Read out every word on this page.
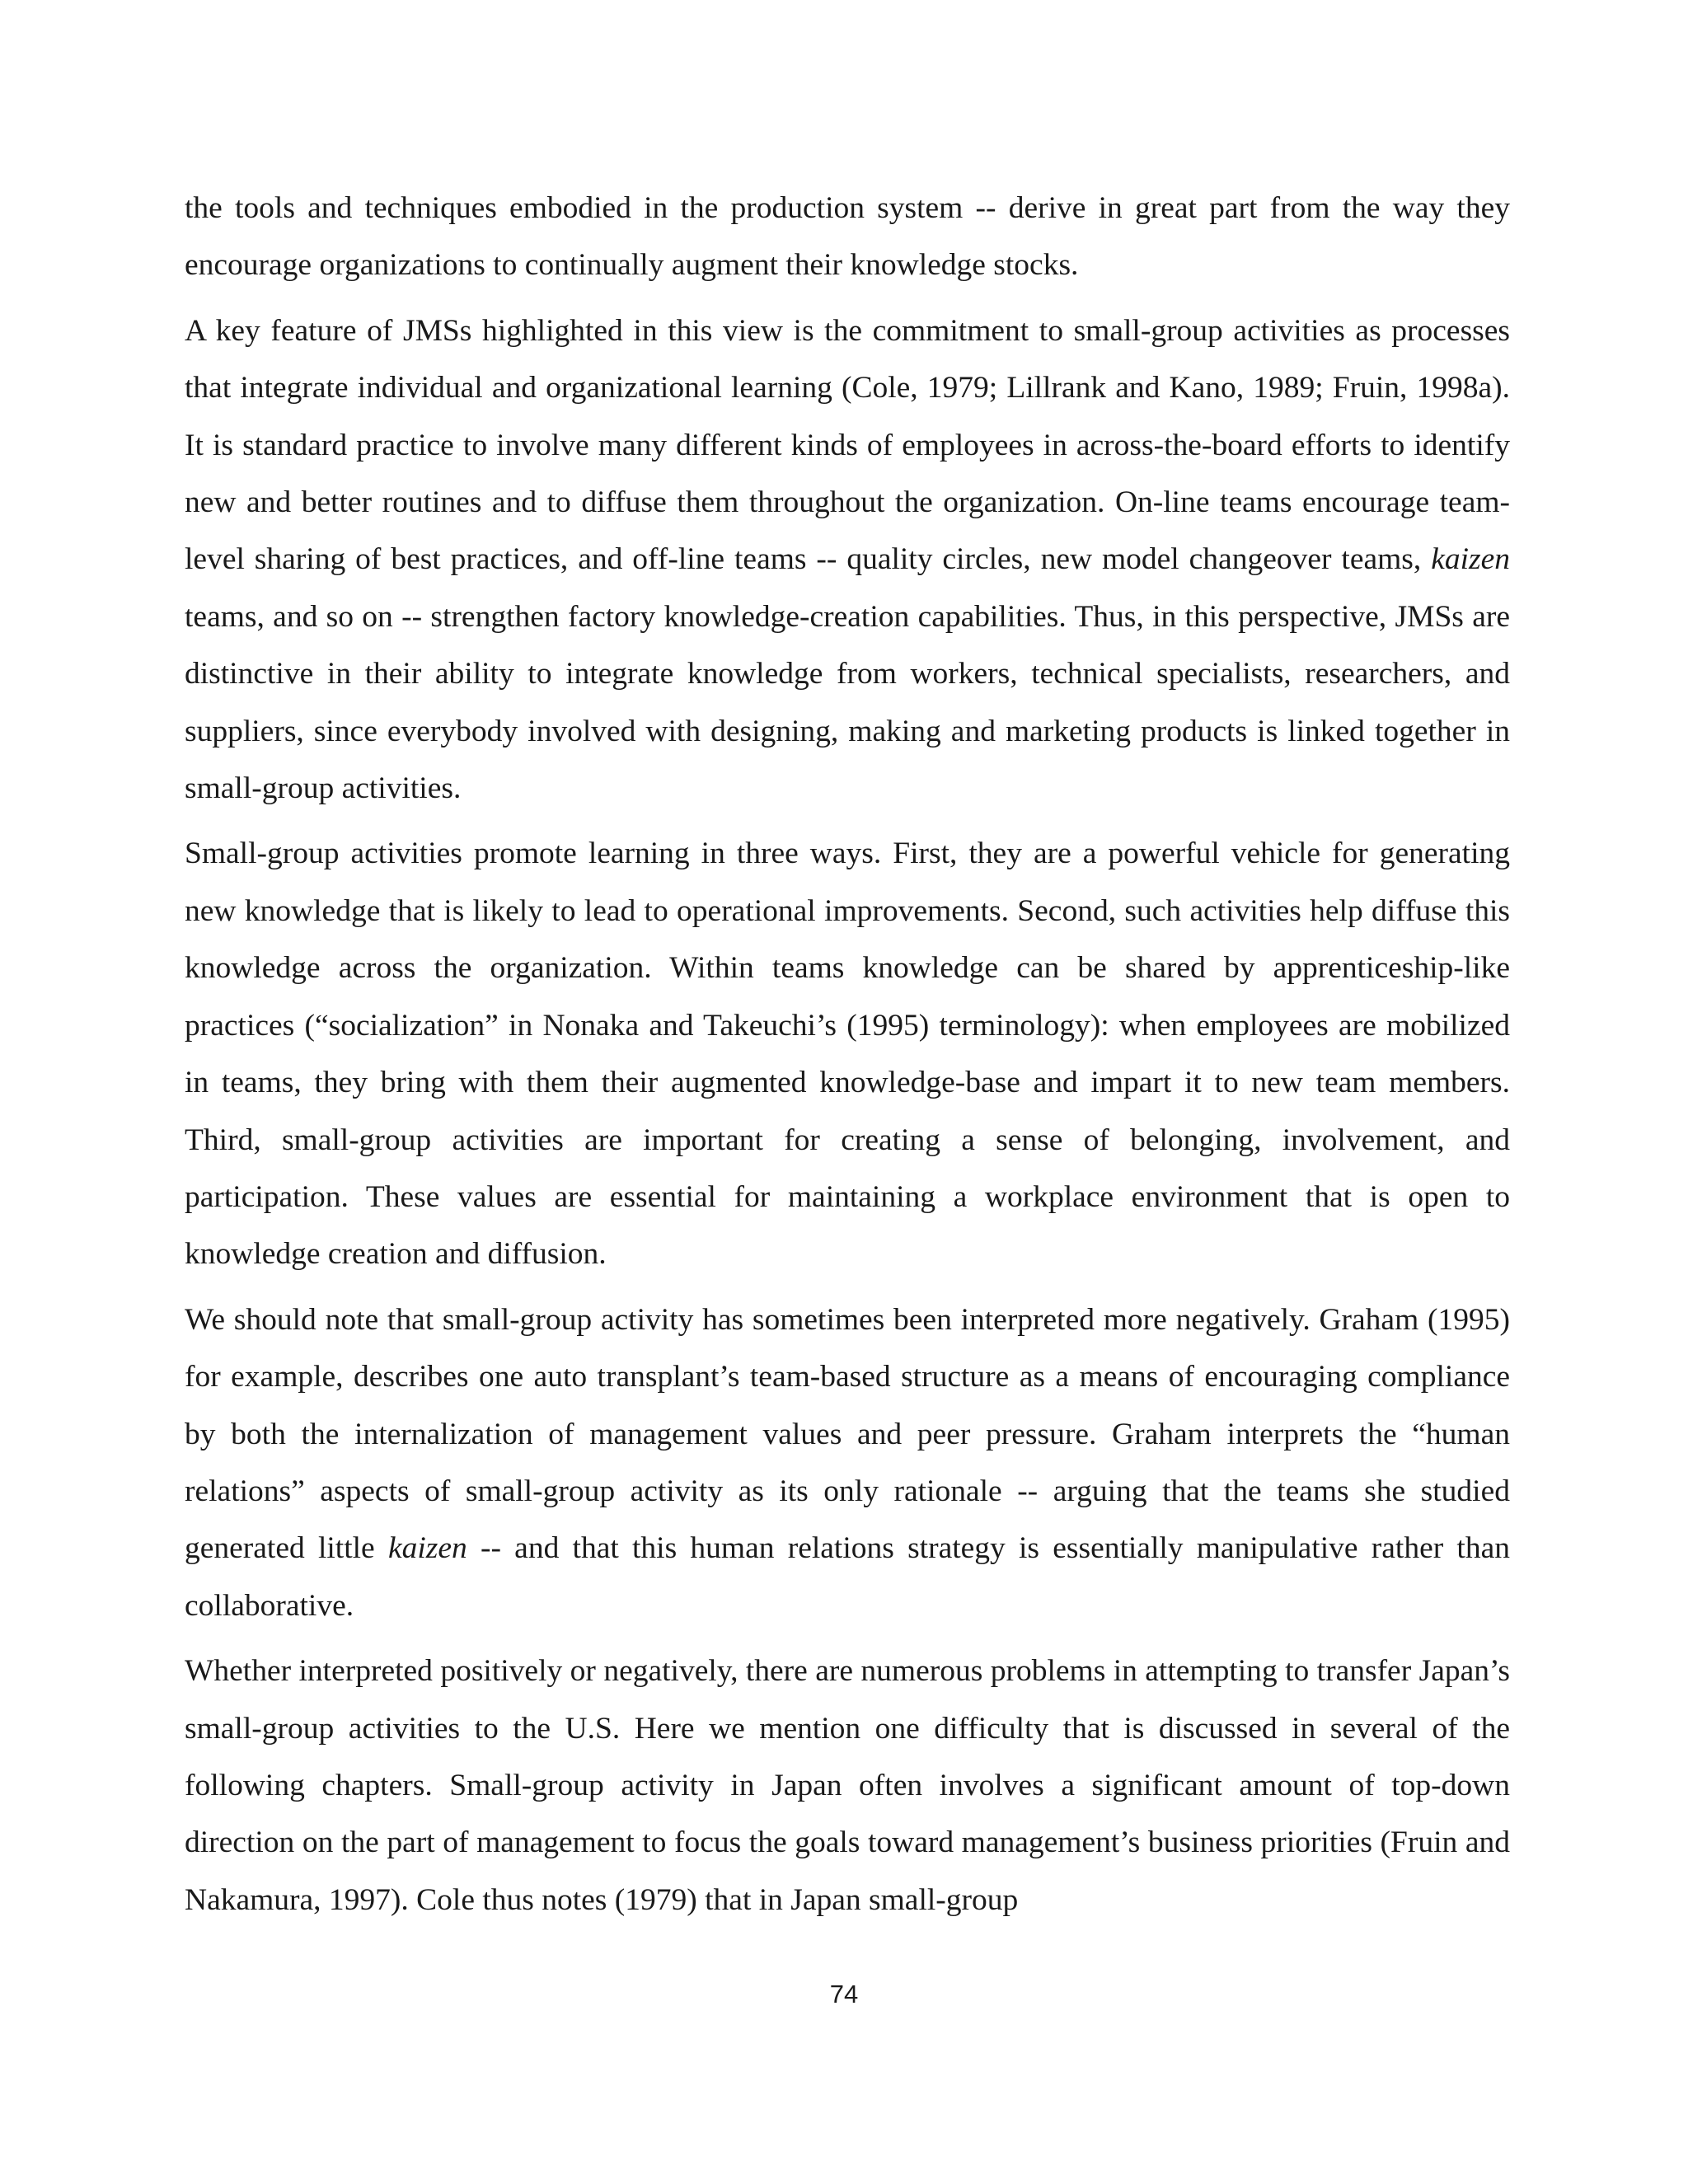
the tools and techniques embodied in the production system -- derive in great part from the way they encourage organizations to continually augment their knowledge stocks.

A key feature of JMSs highlighted in this view is the commitment to small-group activities as processes that integrate individual and organizational learning (Cole, 1979; Lillrank and Kano, 1989; Fruin, 1998a). It is standard practice to involve many different kinds of employees in across-the-board efforts to identify new and better routines and to diffuse them throughout the organization. On-line teams encourage team-level sharing of best practices, and off-line teams -- quality circles, new model changeover teams, kaizen teams, and so on -- strengthen factory knowledge-creation capabilities. Thus, in this perspective, JMSs are distinctive in their ability to integrate knowledge from workers, technical specialists, researchers, and suppliers, since everybody involved with designing, making and marketing products is linked together in small-group activities.

Small-group activities promote learning in three ways. First, they are a powerful vehicle for generating new knowledge that is likely to lead to operational improvements. Second, such activities help diffuse this knowledge across the organization. Within teams knowledge can be shared by apprenticeship-like practices (“socialization” in Nonaka and Takeuchi’s (1995) terminology): when employees are mobilized in teams, they bring with them their augmented knowledge-base and impart it to new team members. Third, small-group activities are important for creating a sense of belonging, involvement, and participation. These values are essential for maintaining a workplace environment that is open to knowledge creation and diffusion.

We should note that small-group activity has sometimes been interpreted more negatively. Graham (1995) for example, describes one auto transplant’s team-based structure as a means of encouraging compliance by both the internalization of management values and peer pressure. Graham interprets the “human relations” aspects of small-group activity as its only rationale -- arguing that the teams she studied generated little kaizen -- and that this human relations strategy is essentially manipulative rather than collaborative.

Whether interpreted positively or negatively, there are numerous problems in attempting to transfer Japan’s small-group activities to the U.S. Here we mention one difficulty that is discussed in several of the following chapters. Small-group activity in Japan often involves a significant amount of top-down direction on the part of management to focus the goals toward management’s business priorities (Fruin and Nakamura, 1997). Cole thus notes (1979) that in Japan small-group

74
